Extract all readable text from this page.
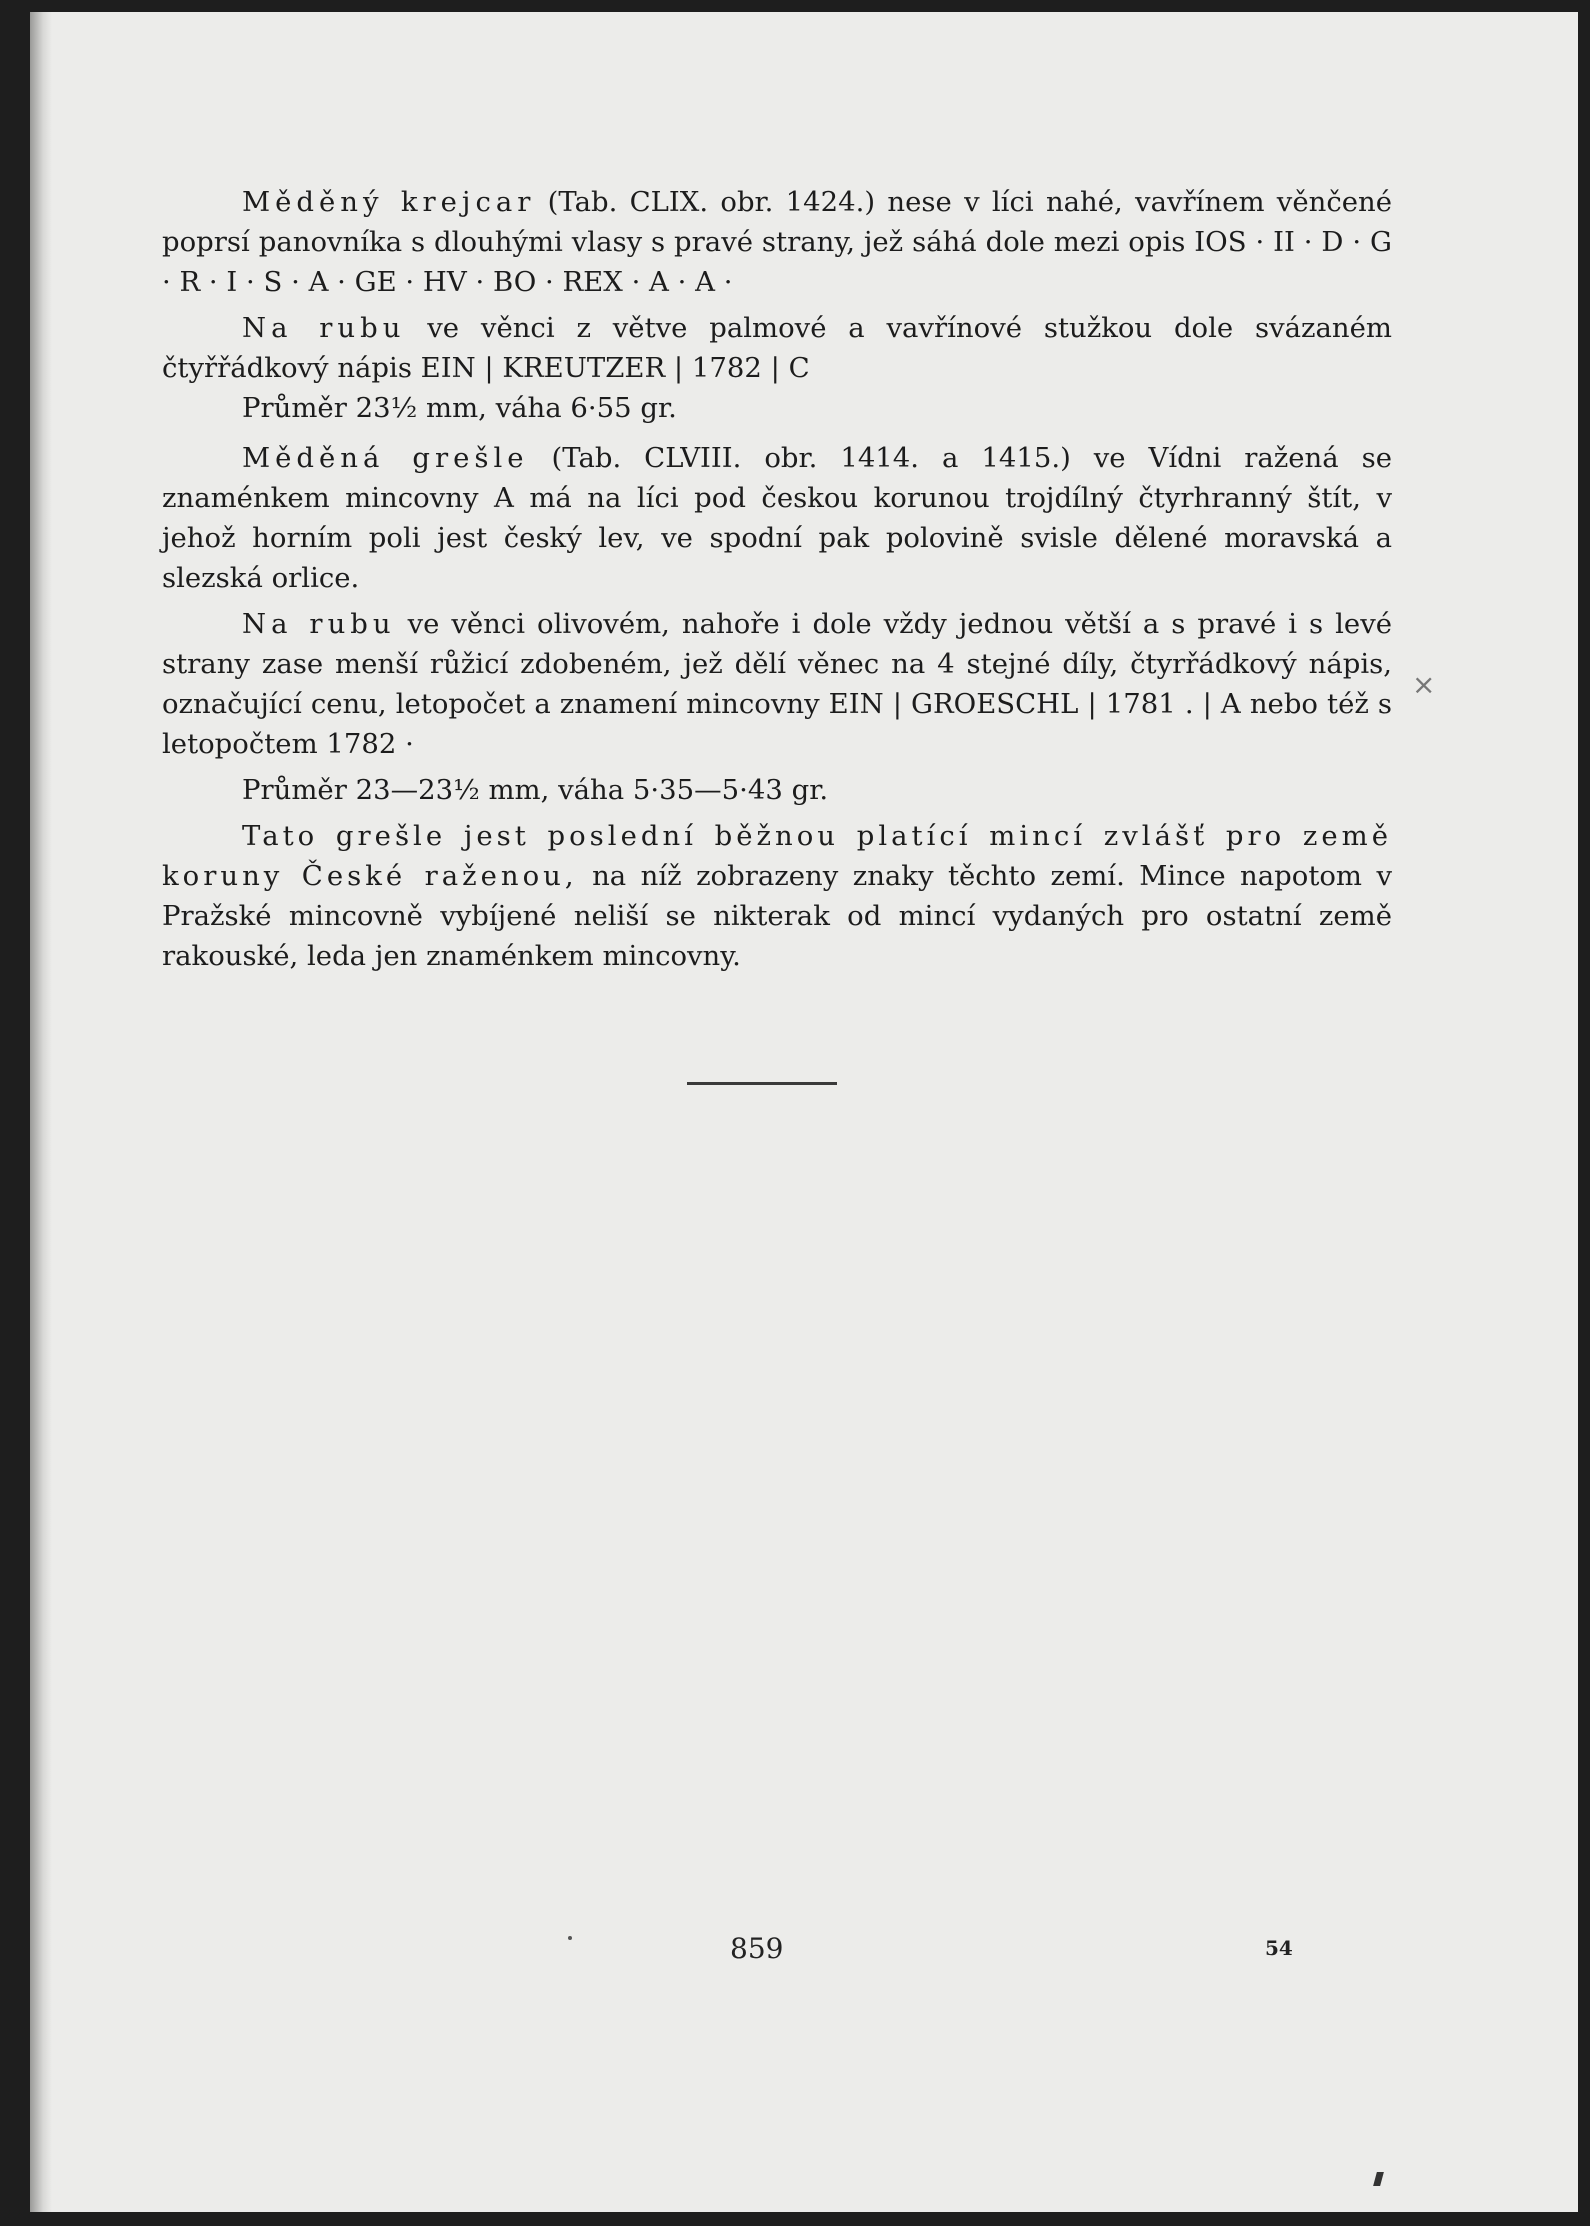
Měděný krejcar (Tab. CLIX. obr. 1424.) nese v líci nahé, vavřínem věnčené poprsí panovníka s dlouhými vlasy s pravé strany, jež sáhá dole mezi opis IOS · II · D · G · R · I · S · A · GE · HV · BO · REX · A · A ·

Na rubu ve věnci z větve palmové a vavřínové stužkou dole svázaném čtyřřádkový nápis EIN | KREUTZER | 1782 | C

Průměr 23½ mm, váha 6·55 gr.

Měděná grešle (Tab. CLVIII. obr. 1414. a 1415.) ve Vídni ražená se znaménkem mincovny A má na líci pod českou korunou trojdílný čtyrhranný štít, v jehož horním poli jest český lev, ve spodní pak polovině svisle dělené moravská a slezská orlice.

Na rubu ve věnci olivovém, nahoře i dole vždy jednou větší a s pravé i s levé strany zase menší růžicí zdobeném, jež dělí věnec na 4 stejné díly, čtyrřádkový nápis, označující cenu, letopočet a znamení mincovny EIN | GROESCHL | 1781 . | A nebo též s letopočtem 1782 ·

Průměr 23—23½ mm, váha 5·35—5·43 gr.

Tato grešle jest poslední běžnou platící mincí zvlášť pro země koruny České raženou, na níž zobrazeny znaky těchto zemí. Mince napotom v Pražské mincovně vybíjené neliší se nikterak od mincí vydaných pro ostatní země rakouské, leda jen znaménkem mincovny.

×
859	54
